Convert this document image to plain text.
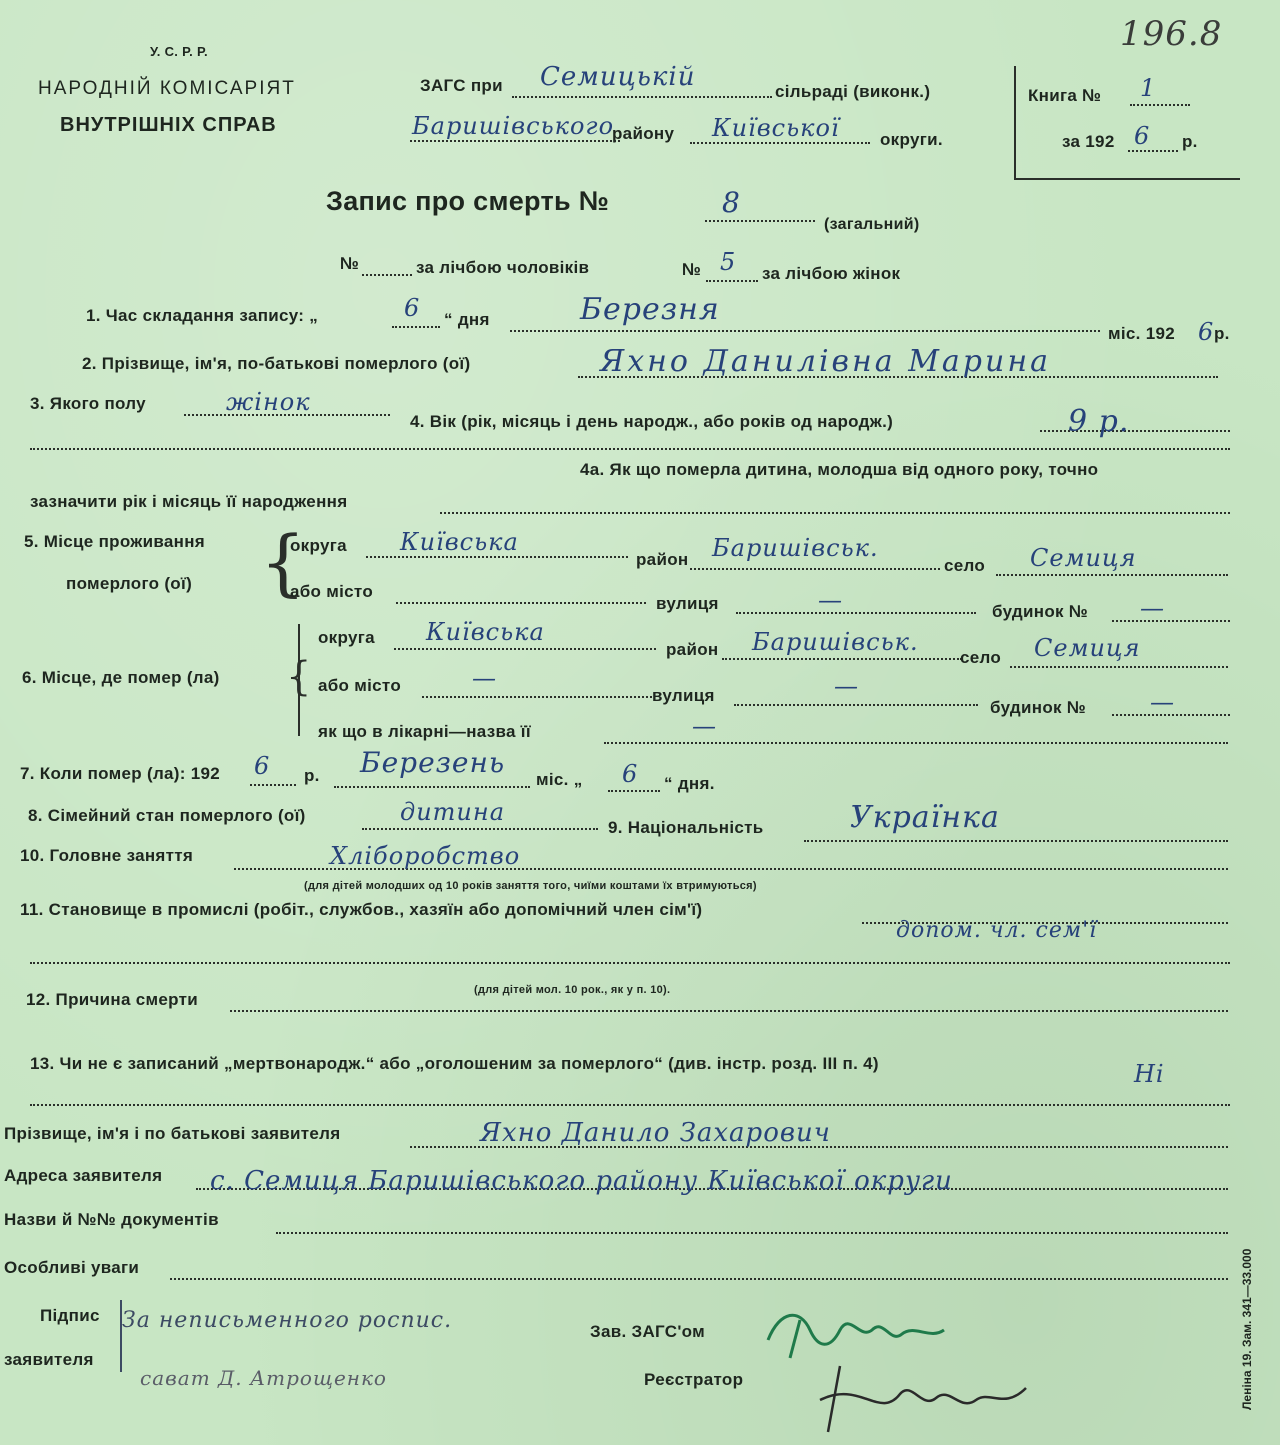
196.8
У. С. Р. Р.
НАРОДНІЙ КОМІСАРІЯТ
ВНУТРІШНІХ СПРАВ
ЗАГС при Семицькій	сільраді (виконк.)
Баришівського
району Київської округи.
Книга № 1
за 192 6 р.
Запис про смерть №	8
(загальний)
№	за лічбою чоловіків	№ 5 за лічбою жінок
1. Час складання запису: „	6 “ дня	Березня
міс. 192 6 р.
2. Прізвище, ім'я, по-батькові померлого (ої)	Яхно Данилівна Марина
3. Якого полу	жінок
4. Вік (рік, місяць і день народж., або років од народж.)	9 р.
4а. Як що померла дитина, молодша від одного року, точно
зазначити рік і місяць її народження
5. Місце проживання
померлого (ої) {
округа Київська
район Баришівськ.
село Семиця
або місто
вулиця	—	будинок № —
6. Місце, де помер (ла) {
округа Київська
район Баришівськ.
село Семиця
або місто	—
вулиця	—
будинок №	—
як що в лікарні—назва її	—
7. Коли помер (ла): 192 6 р. Березень
міс. „ 6 “ дня.
8. Сімейний стан померлого (ої)	дитина
9. Національність	Українка
10. Головне заняття	Хліборобство
(для дітей молодших од 10 років заняття того, чиїми коштами їх втримуються)
11. Становище в промислі (робіт., службов., хазяїн або допомічний член сім'ї)
допом. чл. сем'ї
(для дітей мол. 10 рок., як у п. 10).
12. Причина смерти
13. Чи не є записаний „мертвонародж.“ або „оголошеним за померлого“ (див. інстр. розд. III п. 4)	Ні
Прізвище, ім'я і по батькові заявителя	Яхно Данило Захарович
Адреса заявителя с. Семиця Баришівського району Київської округи
Назви й №№ документів
Особливі уваги
Підпис
заявителя
За неписьменного роспис.
сават Д. Атрощенко
Зав. ЗАГС'ом
Реєстратор	Леніна 19. Зам. 341—33.000
